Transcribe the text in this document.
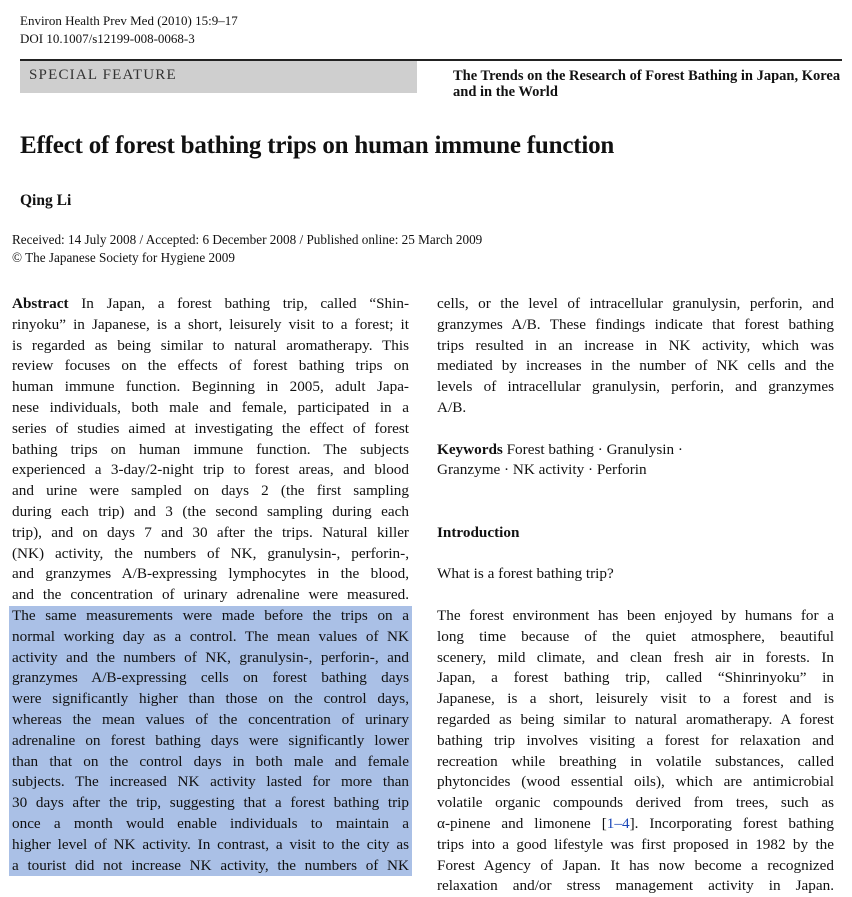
Environ Health Prev Med (2010) 15:9–17
DOI 10.1007/s12199-008-0068-3
SPECIAL FEATURE	The Trends on the Research of Forest Bathing in Japan, Korea and in the World
Effect of forest bathing trips on human immune function
Qing Li
Received: 14 July 2008 / Accepted: 6 December 2008 / Published online: 25 March 2009
© The Japanese Society for Hygiene 2009
Abstract In Japan, a forest bathing trip, called “Shin-
rinyoku” in Japanese, is a short, leisurely visit to a forest; it
is regarded as being similar to natural aromatherapy. This
review focuses on the effects of forest bathing trips on
human immune function. Beginning in 2005, adult Japa-
nese individuals, both male and female, participated in a
series of studies aimed at investigating the effect of forest
bathing trips on human immune function. The subjects
experienced a 3-day/2-night trip to forest areas, and blood
and urine were sampled on days 2 (the first sampling
during each trip) and 3 (the second sampling during each
trip), and on days 7 and 30 after the trips. Natural killer
(NK) activity, the numbers of NK, granulysin-, perforin-,
and granzymes A/B-expressing lymphocytes in the blood,
and the concentration of urinary adrenaline were measured.
The same measurements were made before the trips on a
normal working day as a control. The mean values of NK
activity and the numbers of NK, granulysin-, perforin-, and
granzymes A/B-expressing cells on forest bathing days
were significantly higher than those on the control days,
whereas the mean values of the concentration of urinary
adrenaline on forest bathing days were significantly lower
than that on the control days in both male and female
subjects. The increased NK activity lasted for more than
30 days after the trip, suggesting that a forest bathing trip
once a month would enable individuals to maintain a
higher level of NK activity. In contrast, a visit to the city as
a tourist did not increase NK activity, the numbers of NK
cells, or the level of intracellular granulysin, perforin, and
granzymes A/B. These findings indicate that forest bathing
trips resulted in an increase in NK activity, which was
mediated by increases in the number of NK cells and the
levels of intracellular granulysin, perforin, and granzymes
A/B.
Keywords Forest bathing · Granulysin ·
Granzyme · NK activity · Perforin
Introduction
What is a forest bathing trip?
The forest environment has been enjoyed by humans for a
long time because of the quiet atmosphere, beautiful
scenery, mild climate, and clean fresh air in forests. In
Japan, a forest bathing trip, called “Shinrinyoku” in
Japanese, is a short, leisurely visit to a forest and is
regarded as being similar to natural aromatherapy. A forest
bathing trip involves visiting a forest for relaxation and
recreation while breathing in volatile substances, called
phytoncides (wood essential oils), which are antimicrobial
volatile organic compounds derived from trees, such as
α-pinene and limonene [1–4]. Incorporating forest bathing
trips into a good lifestyle was first proposed in 1982 by the
Forest Agency of Japan. It has now become a recognized
relaxation and/or stress management activity in Japan.
